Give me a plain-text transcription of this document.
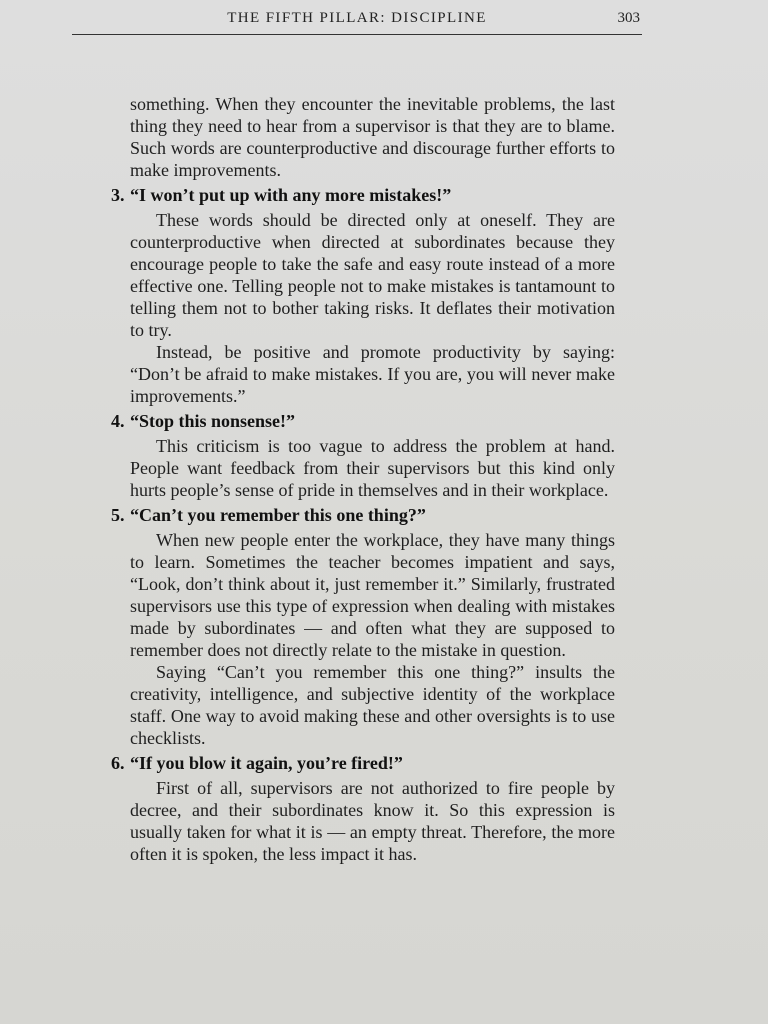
THE FIFTH PILLAR: DISCIPLINE	303

something. When they encounter the inevitable problems, the last thing they need to hear from a supervisor is that they are to blame. Such words are counterproductive and discourage further efforts to make improvements.

3. “I won’t put up with any more mistakes!”

These words should be directed only at oneself. They are counterproductive when directed at subordinates because they encourage people to take the safe and easy route instead of a more effective one. Telling people not to make mistakes is tantamount to telling them not to bother taking risks. It deflates their motivation to try.

Instead, be positive and promote productivity by saying: “Don’t be afraid to make mistakes. If you are, you will never make improvements.”

4. “Stop this nonsense!”

This criticism is too vague to address the problem at hand. People want feedback from their supervisors but this kind only hurts people’s sense of pride in themselves and in their workplace.

5. “Can’t you remember this one thing?”

When new people enter the workplace, they have many things to learn. Sometimes the teacher becomes impatient and says, “Look, don’t think about it, just remember it.” Similarly, frustrated supervisors use this type of expression when dealing with mistakes made by subordinates — and often what they are supposed to remember does not directly relate to the mistake in question.

Saying “Can’t you remember this one thing?” insults the creativity, intelligence, and subjective identity of the workplace staff. One way to avoid making these and other oversights is to use checklists.

6. “If you blow it again, you’re fired!”

First of all, supervisors are not authorized to fire people by decree, and their subordinates know it. So this expression is usually taken for what it is — an empty threat. Therefore, the more often it is spoken, the less impact it has.
